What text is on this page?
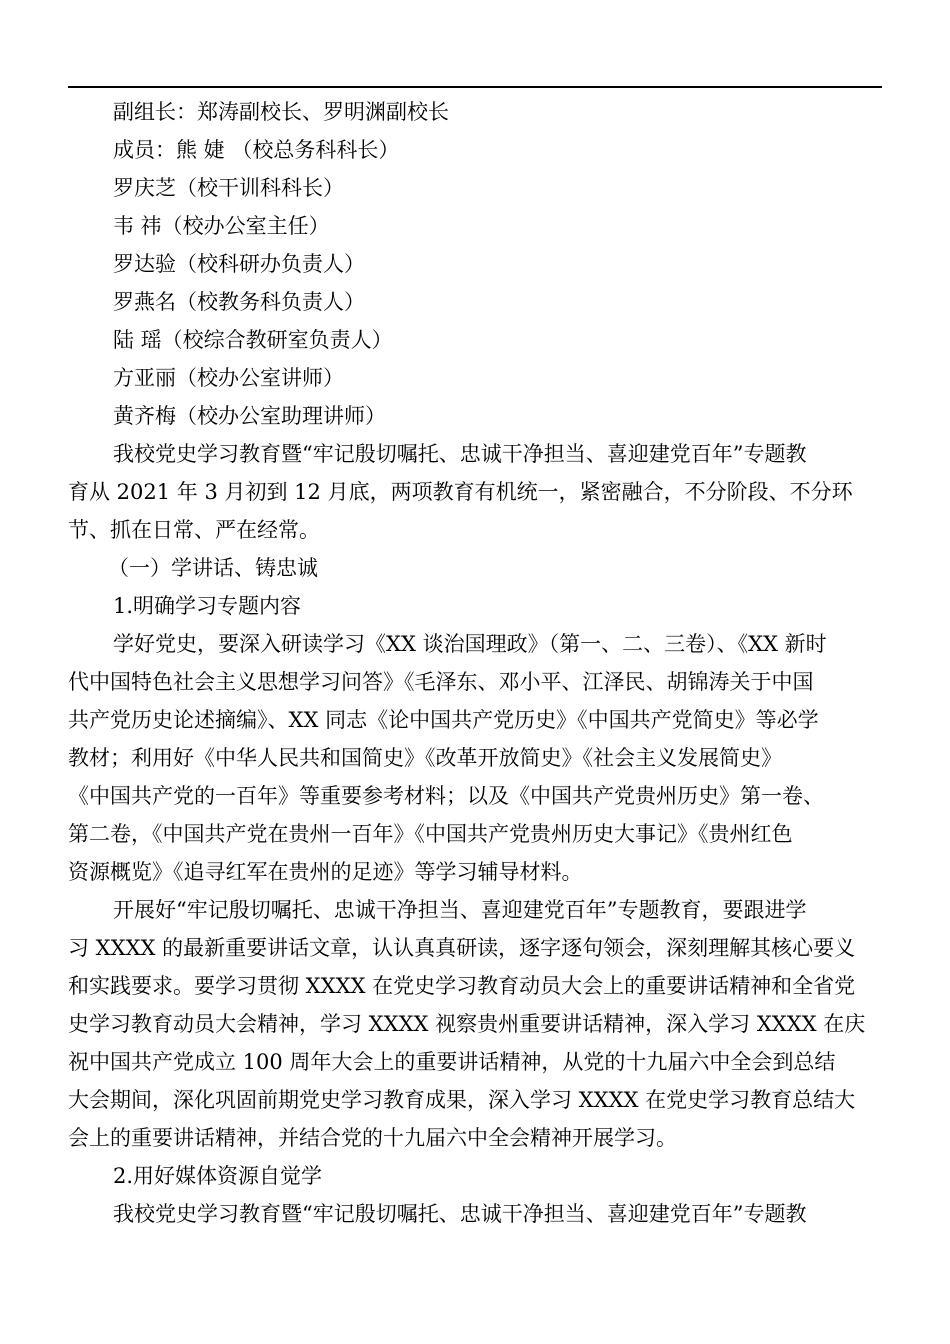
副组长：郑涛副校长、罗明渊副校长
成员：熊 婕 （校总务科科长）
罗庆芝（校干训科科长）
韦 祎（校办公室主任）
罗达验（校科研办负责人）
罗燕名（校教务科负责人）
陆 瑶（校综合教研室负责人）
方亚丽（校办公室讲师）
黄齐梅（校办公室助理讲师）
我校党史学习教育暨“牢记殷切嘱托、忠诚干净担当、喜迎建党百年”专题教
育从 2021 年 3 月初到 12 月底，两项教育有机统一，紧密融合，不分阶段、不分环
节、抓在日常、严在经常。
（一）学讲话、铸忠诚
1.明确学习专题内容
学好党史，要深入研读学习《XX 谈治国理政》（第一、二、三卷）、《XX 新时
代中国特色社会主义思想学习问答》《毛泽东、邓小平、江泽民、胡锦涛关于中国
共产党历史论述摘编》、XX 同志《论中国共产党历史》《中国共产党简史》等必学
教材；利用好《中华人民共和国简史》《改革开放简史》《社会主义发展简史》
《中国共产党的一百年》等重要参考材料；以及《中国共产党贵州历史》第一卷、
第二卷，《中国共产党在贵州一百年》《中国共产党贵州历史大事记》《贵州红色
资源概览》《追寻红军在贵州的足迹》等学习辅导材料。
开展好“牢记殷切嘱托、忠诚干净担当、喜迎建党百年”专题教育，要跟进学
习 XXXX 的最新重要讲话文章，认认真真研读，逐字逐句领会，深刻理解其核心要义
和实践要求。要学习贯彻 XXXX 在党史学习教育动员大会上的重要讲话精神和全省党
史学习教育动员大会精神，学习 XXXX 视察贵州重要讲话精神，深入学习 XXXX 在庆
祝中国共产党成立 100 周年大会上的重要讲话精神，从党的十九届六中全会到总结
大会期间，深化巩固前期党史学习教育成果，深入学习 XXXX 在党史学习教育总结大
会上的重要讲话精神，并结合党的十九届六中全会精神开展学习。
2.用好媒体资源自觉学
我校党史学习教育暨“牢记殷切嘱托、忠诚干净担当、喜迎建党百年”专题教
